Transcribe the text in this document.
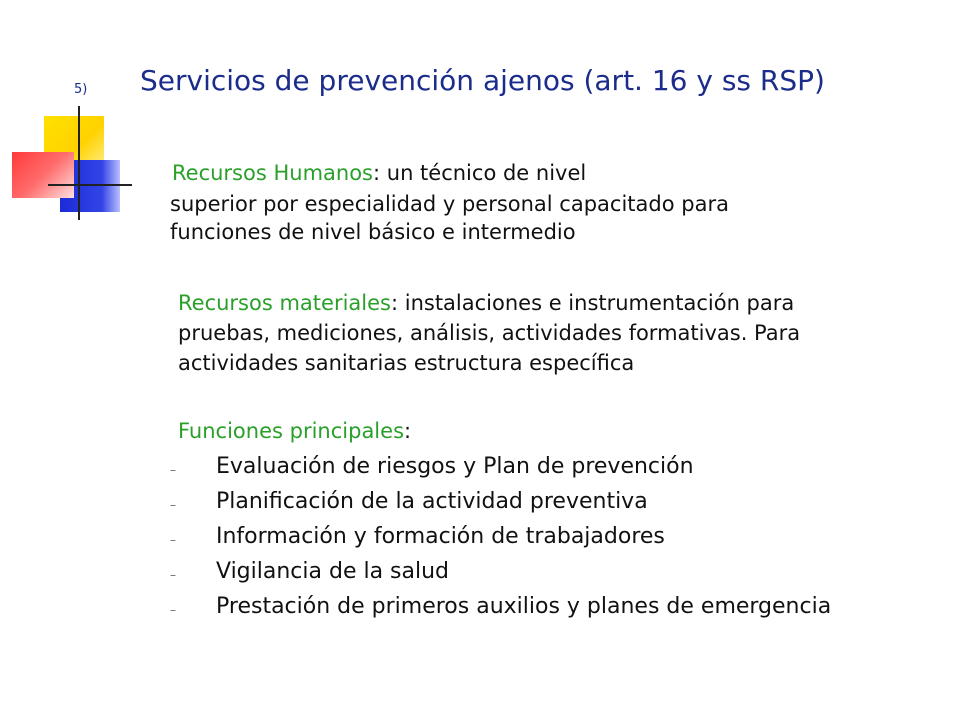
5) Servicios de prevención ajenos (art. 16 y ss RSP)
Recursos Humanos: un técnico de nivel
superior por especialidad y personal capacitado para
funciones de nivel básico e intermedio
Recursos materiales: instalaciones e instrumentación para
pruebas, mediciones, análisis, actividades formativas. Para
actividades sanitarias estructura específica
Funciones principales:
– Evaluación de riesgos y Plan de prevención
– Planificación de la actividad preventiva
– Información y formación de trabajadores
– Vigilancia de la salud
– Prestación de primeros auxilios y planes de emergencia
